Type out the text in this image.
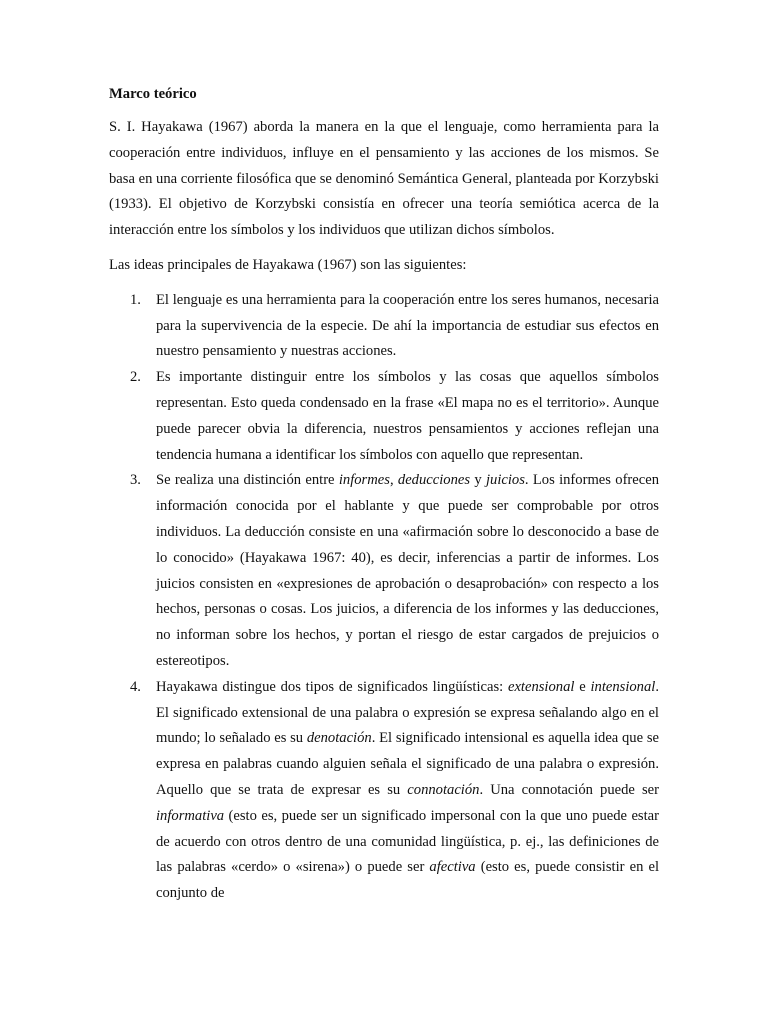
Marco teórico

S. I. Hayakawa (1967) aborda la manera en la que el lenguaje, como herramienta para la cooperación entre individuos, influye en el pensamiento y las acciones de los mismos. Se basa en una corriente filosófica que se denominó Semántica General, planteada por Korzybski (1933). El objetivo de Korzybski consistía en ofrecer una teoría semiótica acerca de la interacción entre los símbolos y los individuos que utilizan dichos símbolos.

Las ideas principales de Hayakawa (1967) son las siguientes:

1. El lenguaje es una herramienta para la cooperación entre los seres humanos, necesaria para la supervivencia de la especie. De ahí la importancia de estudiar sus efectos en nuestro pensamiento y nuestras acciones.
2. Es importante distinguir entre los símbolos y las cosas que aquellos símbolos representan. Esto queda condensado en la frase «El mapa no es el territorio». Aunque puede parecer obvia la diferencia, nuestros pensamientos y acciones reflejan una tendencia humana a identificar los símbolos con aquello que representan.
3. Se realiza una distinción entre informes, deducciones y juicios. Los informes ofrecen información conocida por el hablante y que puede ser comprobable por otros individuos. La deducción consiste en una «afirmación sobre lo desconocido a base de lo conocido» (Hayakawa 1967: 40), es decir, inferencias a partir de informes. Los juicios consisten en «expresiones de aprobación o desaprobación» con respecto a los hechos, personas o cosas. Los juicios, a diferencia de los informes y las deducciones, no informan sobre los hechos, y portan el riesgo de estar cargados de prejuicios o estereotipos.
4. Hayakawa distingue dos tipos de significados lingüísticas: extensional e intensional. El significado extensional de una palabra o expresión se expresa señalando algo en el mundo; lo señalado es su denotación. El significado intensional es aquella idea que se expresa en palabras cuando alguien señala el significado de una palabra o expresión. Aquello que se trata de expresar es su connotación. Una connotación puede ser informativa (esto es, puede ser un significado impersonal con la que uno puede estar de acuerdo con otros dentro de una comunidad lingüística, p. ej., las definiciones de las palabras «cerdo» o «sirena») o puede ser afectiva (esto es, puede consistir en el conjunto de
